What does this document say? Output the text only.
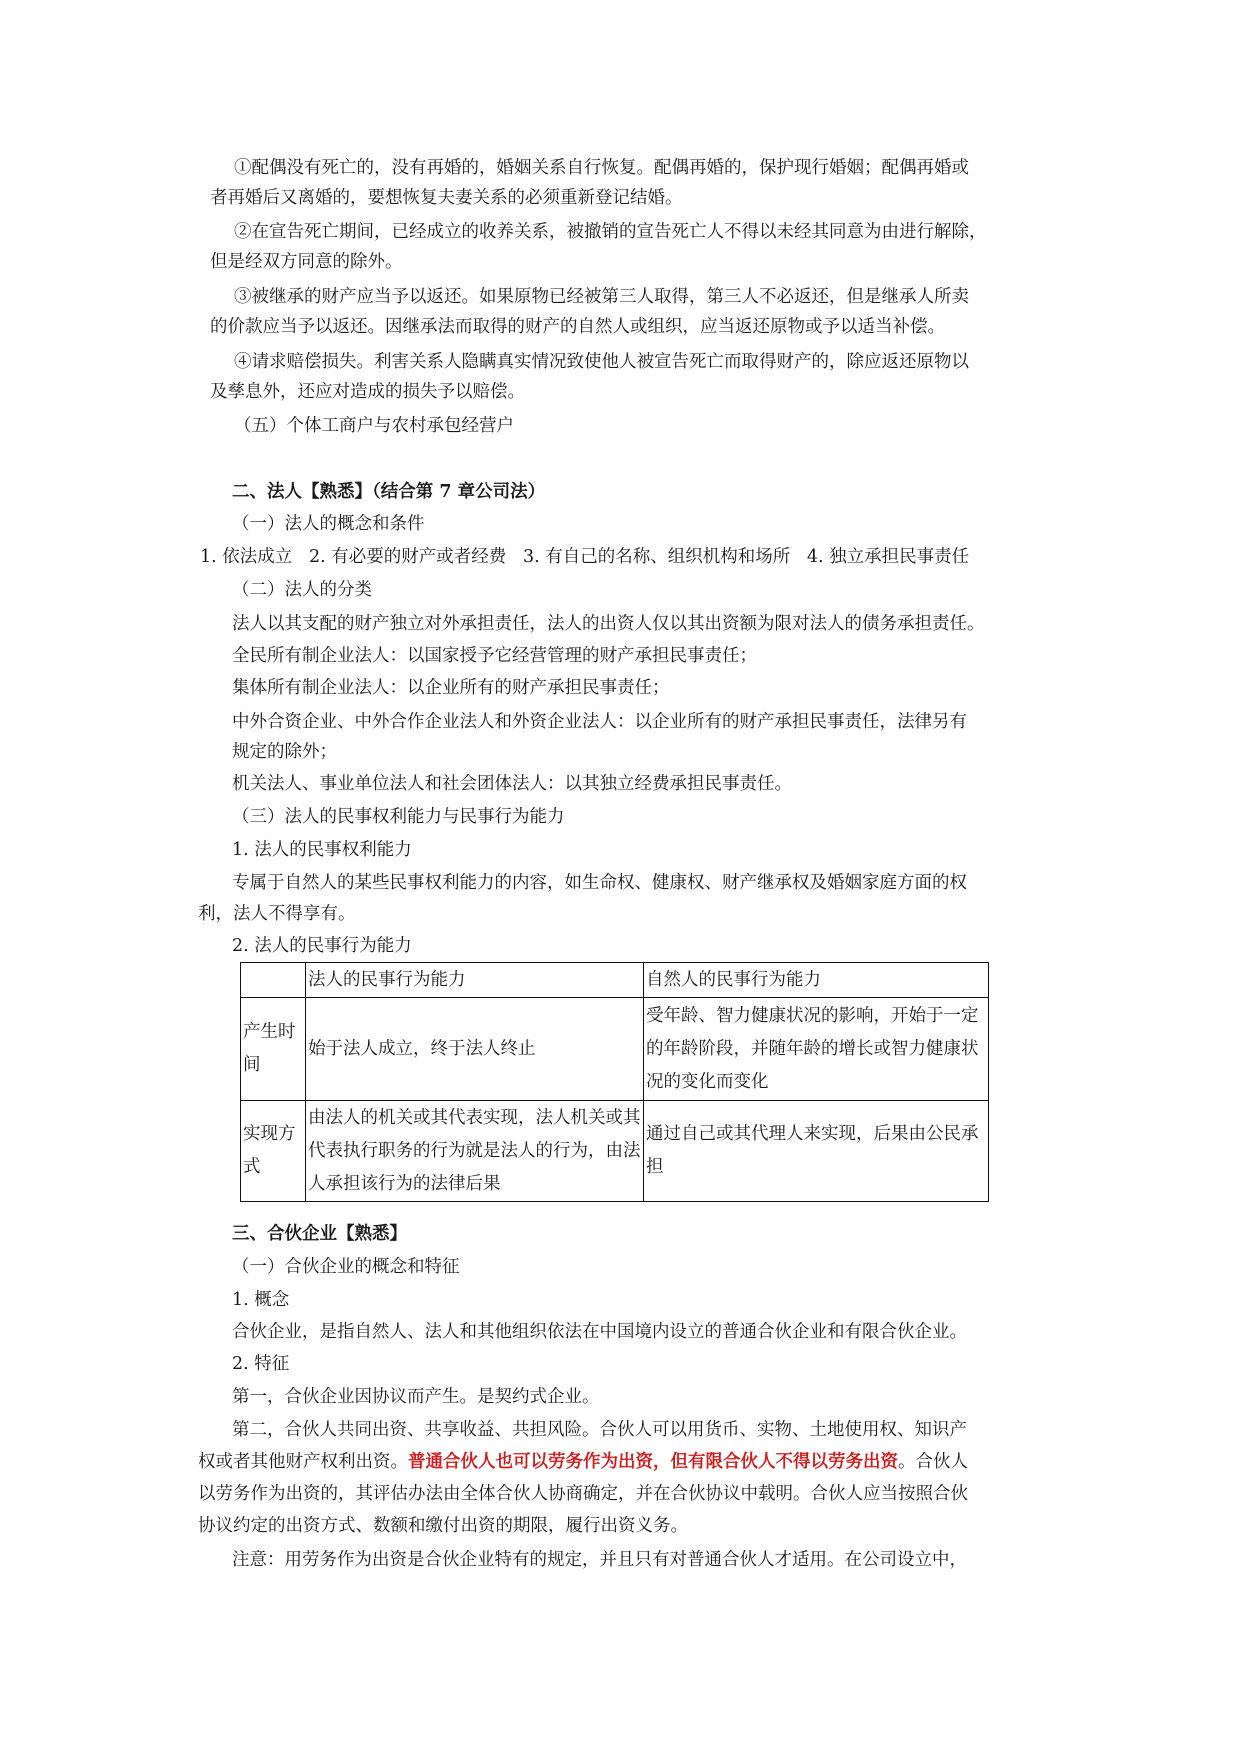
①配偶没有死亡的，没有再婚的，婚姻关系自行恢复。配偶再婚的，保护现行婚姻；配偶再婚或
者再婚后又离婚的，要想恢复夫妻关系的必须重新登记结婚。
②在宣告死亡期间，已经成立的收养关系，被撤销的宣告死亡人不得以未经其同意为由进行解除，
但是经双方同意的除外。
③被继承的财产应当予以返还。如果原物已经被第三人取得，第三人不必返还，但是继承人所卖
的价款应当予以返还。因继承法而取得的财产的自然人或组织，应当返还原物或予以适当补偿。
④请求赔偿损失。利害关系人隐瞒真实情况致使他人被宣告死亡而取得财产的，除应返还原物以
及孳息外，还应对造成的损失予以赔偿。
（五）个体工商户与农村承包经营户
二、法人【熟悉】（结合第 7 章公司法）
（一）法人的概念和条件
1. 依法成立 2. 有必要的财产或者经费 3. 有自己的名称、组织机构和场所 4. 独立承担民事责任
（二）法人的分类
法人以其支配的财产独立对外承担责任，法人的出资人仅以其出资额为限对法人的债务承担责任。
全民所有制企业法人：以国家授予它经营管理的财产承担民事责任；
集体所有制企业法人：以企业所有的财产承担民事责任；
中外合资企业、中外合作企业法人和外资企业法人：以企业所有的财产承担民事责任，法律另有
规定的除外；
机关法人、事业单位法人和社会团体法人：以其独立经费承担民事责任。
（三）法人的民事权利能力与民事行为能力
1. 法人的民事权利能力
专属于自然人的某些民事权利能力的内容，如生命权、健康权、财产继承权及婚姻家庭方面的权
利，法人不得享有。
2. 法人的民事行为能力
	法人的民事行为能力	自然人的民事行为能力
产生时间	始于法人成立，终于法人终止	受年龄、智力健康状况的影响，开始于一定的年龄阶段，并随年龄的增长或智力健康状况的变化而变化
实现方式	由法人的机关或其代表实现，法人机关或其代表执行职务的行为就是法人的行为，由法人承担该行为的法律后果	通过自己或其代理人来实现，后果由公民承担
三、合伙企业【熟悉】
（一）合伙企业的概念和特征
1. 概念
合伙企业，是指自然人、法人和其他组织依法在中国境内设立的普通合伙企业和有限合伙企业。
2. 特征
第一，合伙企业因协议而产生。是契约式企业。
第二，合伙人共同出资、共享收益、共担风险。合伙人可以用货币、实物、土地使用权、知识产
权或者其他财产权利出资。普通合伙人也可以劳务作为出资，但有限合伙人不得以劳务出资。合伙人
以劳务作为出资的，其评估办法由全体合伙人协商确定，并在合伙协议中载明。合伙人应当按照合伙
协议约定的出资方式、数额和缴付出资的期限，履行出资义务。
注意：用劳务作为出资是合伙企业特有的规定，并且只有对普通合伙人才适用。在公司设立中，
